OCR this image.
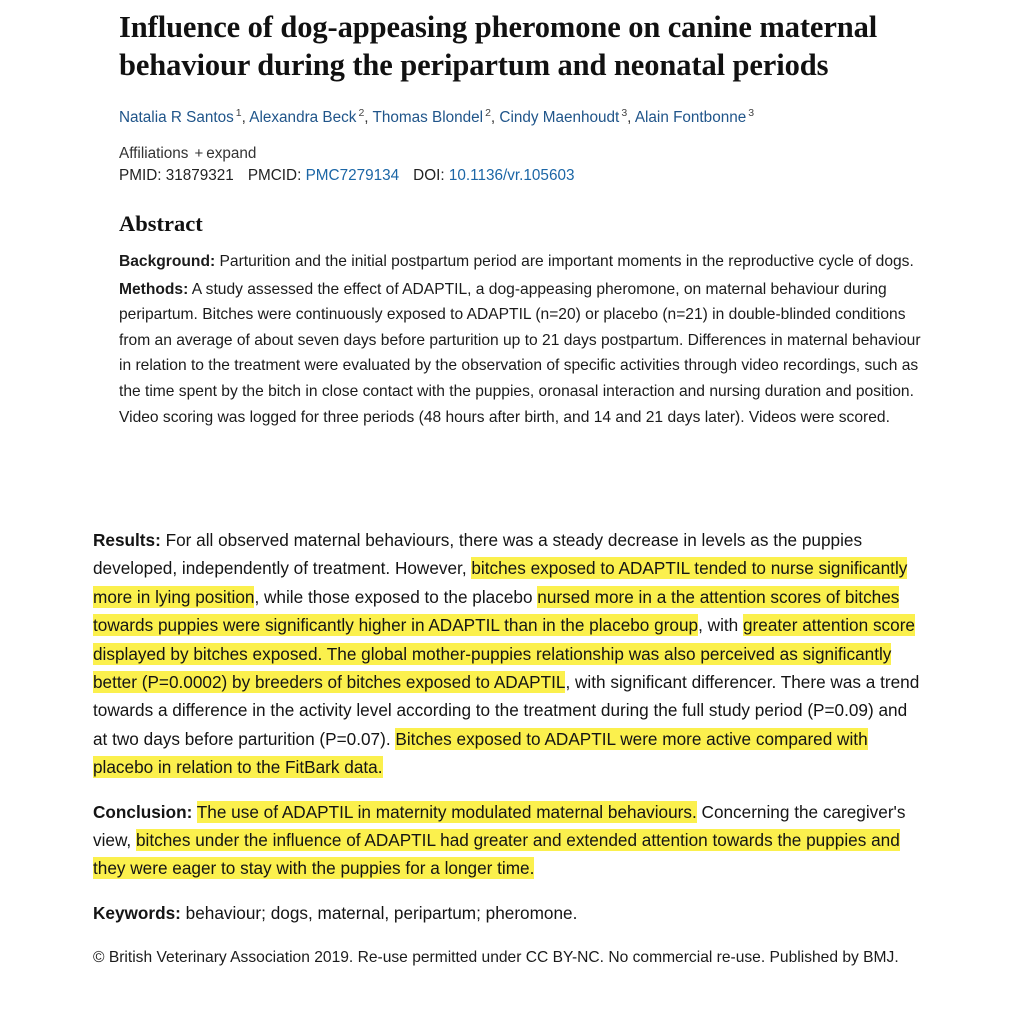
Influence of dog-appeasing pheromone on canine maternal behaviour during the peripartum and neonatal periods
Natalia R Santos $^1$, Alexandra Beck $^2$, Thomas Blondel $^2$, Cindy Maenhoudt $^3$, Alain Fontbonne $^3$
Affiliations + expand
PMID: 31879321 PMCID: PMC7279134 DOI: 10.1136/vr.105603
Abstract

Background: Parturition and the initial postpartum period are important moments in the reproductive cycle of dogs.

Methods: A study assessed the effect of ADAPTIL, a dog-appeasing pheromone, on maternal behaviour during peripartum. Bitches were continuously exposed to ADAPTIL (n=20) or placebo (n=21) in double-blinded conditions from an average of about seven days before parturition up to 21 days postpartum. Differences in maternal behaviour in relation to the treatment were evaluated by the observation of specific activities through video recordings, such as the time spent by the bitch in close contact with the puppies, oronasal interaction and nursing duration and position. Video scoring was logged for three periods (48 hours after birth, and 14 and 21 days later). Videos were scored.

Results: For all observed maternal behaviours, there was a steady decrease in levels as the puppies developed, independently of treatment. However, bitches exposed to ADAPTIL tended to nurse significantly more in lying position, while those exposed to the placebo nursed more in a the attention scores of bitches towards puppies were significantly higher in ADAPTIL than in the placebo group, with greater attention score displayed by bitches exposed. The global mother-puppies relationship was also perceived as significantly better (P=0.0002) by breeders of bitches exposed to ADAPTIL, with significant differencer. There was a trend towards a difference in the activity level according to the treatment during the full study period (P=0.09) and at two days before parturition (P=0.07). Bitches exposed to ADAPTIL were more active compared with placebo in relation to the FitBark data.

Conclusion: The use of ADAPTIL in maternity modulated maternal behaviours. Concerning the caregiver's view, bitches under the influence of ADAPTIL had greater and extended attention towards the puppies and they were eager to stay with the puppies for a longer time.

Keywords: behaviour; dogs, maternal, peripartum; pheromone.

© British Veterinary Association 2019. Re-use permitted under CC BY-NC. No commercial re-use. Published by BMJ.
